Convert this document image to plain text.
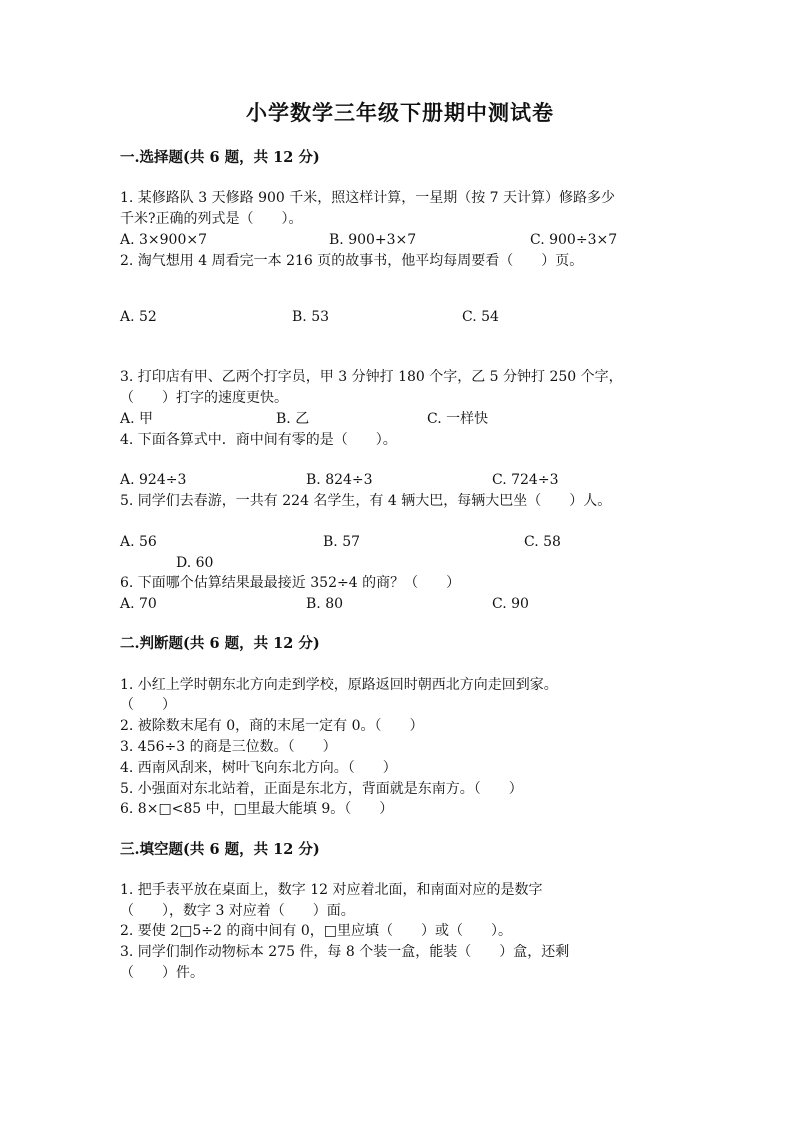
小学数学三年级下册期中测试卷
一.选择题(共 6 题，共 12 分)
1. 某修路队 3 天修路 900 千米，照这样计算，一星期（按 7 天计算）修路多少
千米?正确的列式是（　　）。
A. 3×900×7	B. 900+3×7	C. 900÷3×7
2. 淘气想用 4 周看完一本 216 页的故事书，他平均每周要看（　　）页。
A. 52	B. 53	C. 54
3. 打印店有甲、乙两个打字员，甲 3 分钟打 180 个字，乙 5 分钟打 250 个字，
（　　）打字的速度更快。
A. 甲	B. 乙	C. 一样快
4. 下面各算式中．商中间有零的是（　　）。
A. 924÷3	B. 824÷3	C. 724÷3
5. 同学们去春游，一共有 224 名学生，有 4 辆大巴，每辆大巴坐（　　）人。
A. 56	B. 57	C. 58
D. 60
6. 下面哪个估算结果最最接近 352÷4 的商？（　　）
A. 70	B. 80	C. 90
二.判断题(共 6 题，共 12 分)
1. 小红上学时朝东北方向走到学校，原路返回时朝西北方向走回到家。
（　　）
2. 被除数末尾有 0，商的末尾一定有 0。（　　）
3. 456÷3 的商是三位数。（　　）
4. 西南风刮来，树叶飞向东北方向。（　　）
5. 小强面对东北站着，正面是东北方，背面就是东南方。（　　）
6. 8×□<85 中，□里最大能填 9。（　　）
三.填空题(共 6 题，共 12 分)
1. 把手表平放在桌面上，数字 12 对应着北面，和南面对应的是数字
（　　），数字 3 对应着（　　）面。
2. 要使 2□5÷2 的商中间有 0，□里应填（　　）或（　　）。
3. 同学们制作动物标本 275 件，每 8 个装一盒，能装（　　）盒，还剩
（　　）件。
